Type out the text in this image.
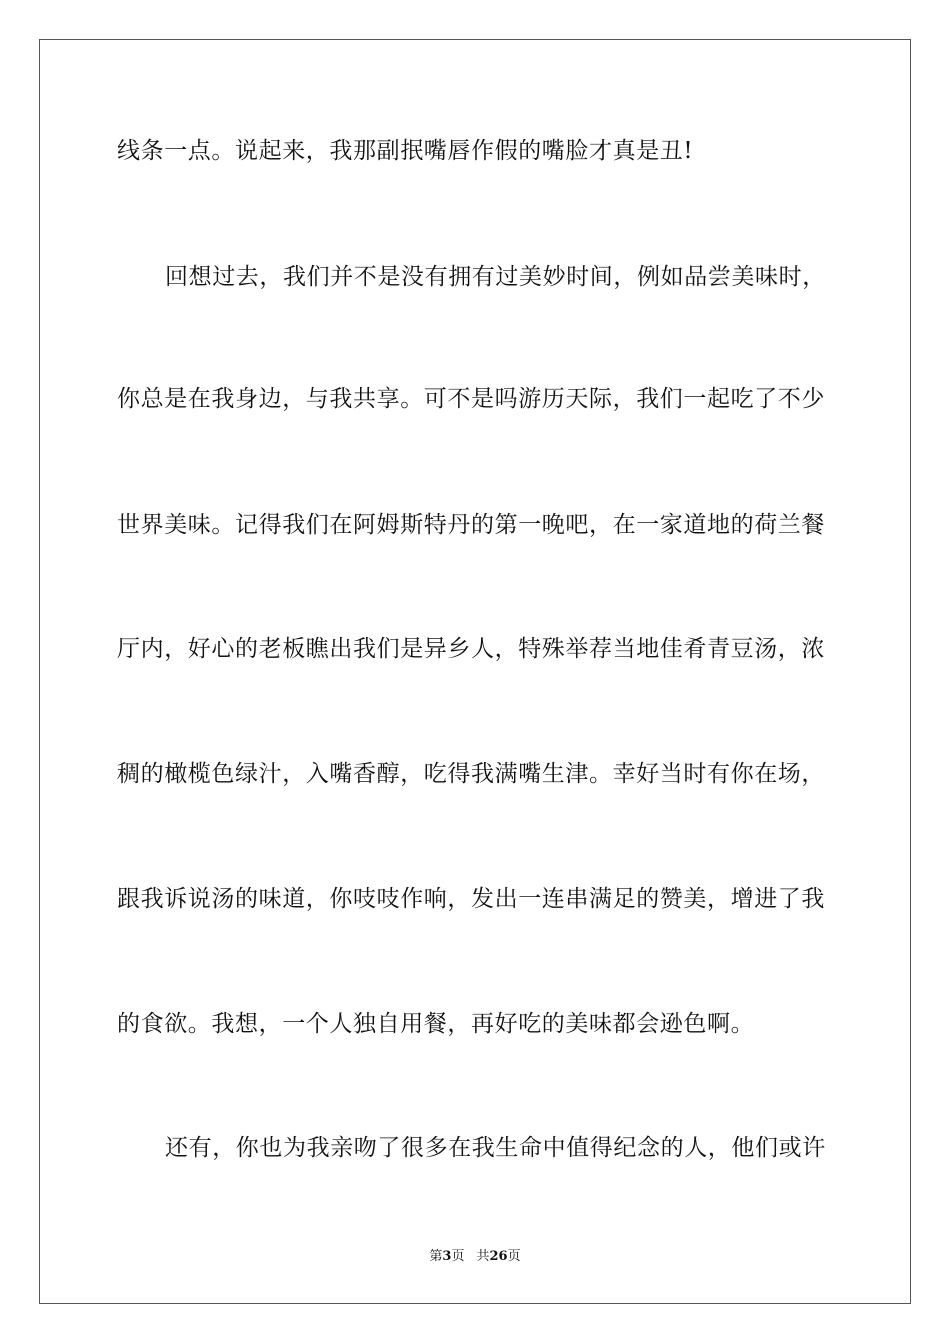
线条一点。说起来，我那副抿嘴唇作假的嘴脸才真是丑!
回想过去，我们并不是没有拥有过美妙时间，例如品尝美味时，
你总是在我身边，与我共享。可不是吗游历天际，我们一起吃了不少
世界美味。记得我们在阿姆斯特丹的第一晚吧，在一家道地的荷兰餐
厅内，好心的老板瞧出我们是异乡人，特殊举荐当地佳肴青豆汤，浓
稠的橄榄色绿汁，入嘴香醇，吃得我满嘴生津。幸好当时有你在场，
跟我诉说汤的味道，你吱吱作响，发出一连串满足的赞美，增进了我
的食欲。我想，一个人独自用餐，再好吃的美味都会逊色啊。
还有，你也为我亲吻了很多在我生命中值得纪念的人，他们或许
第3页 共26页
